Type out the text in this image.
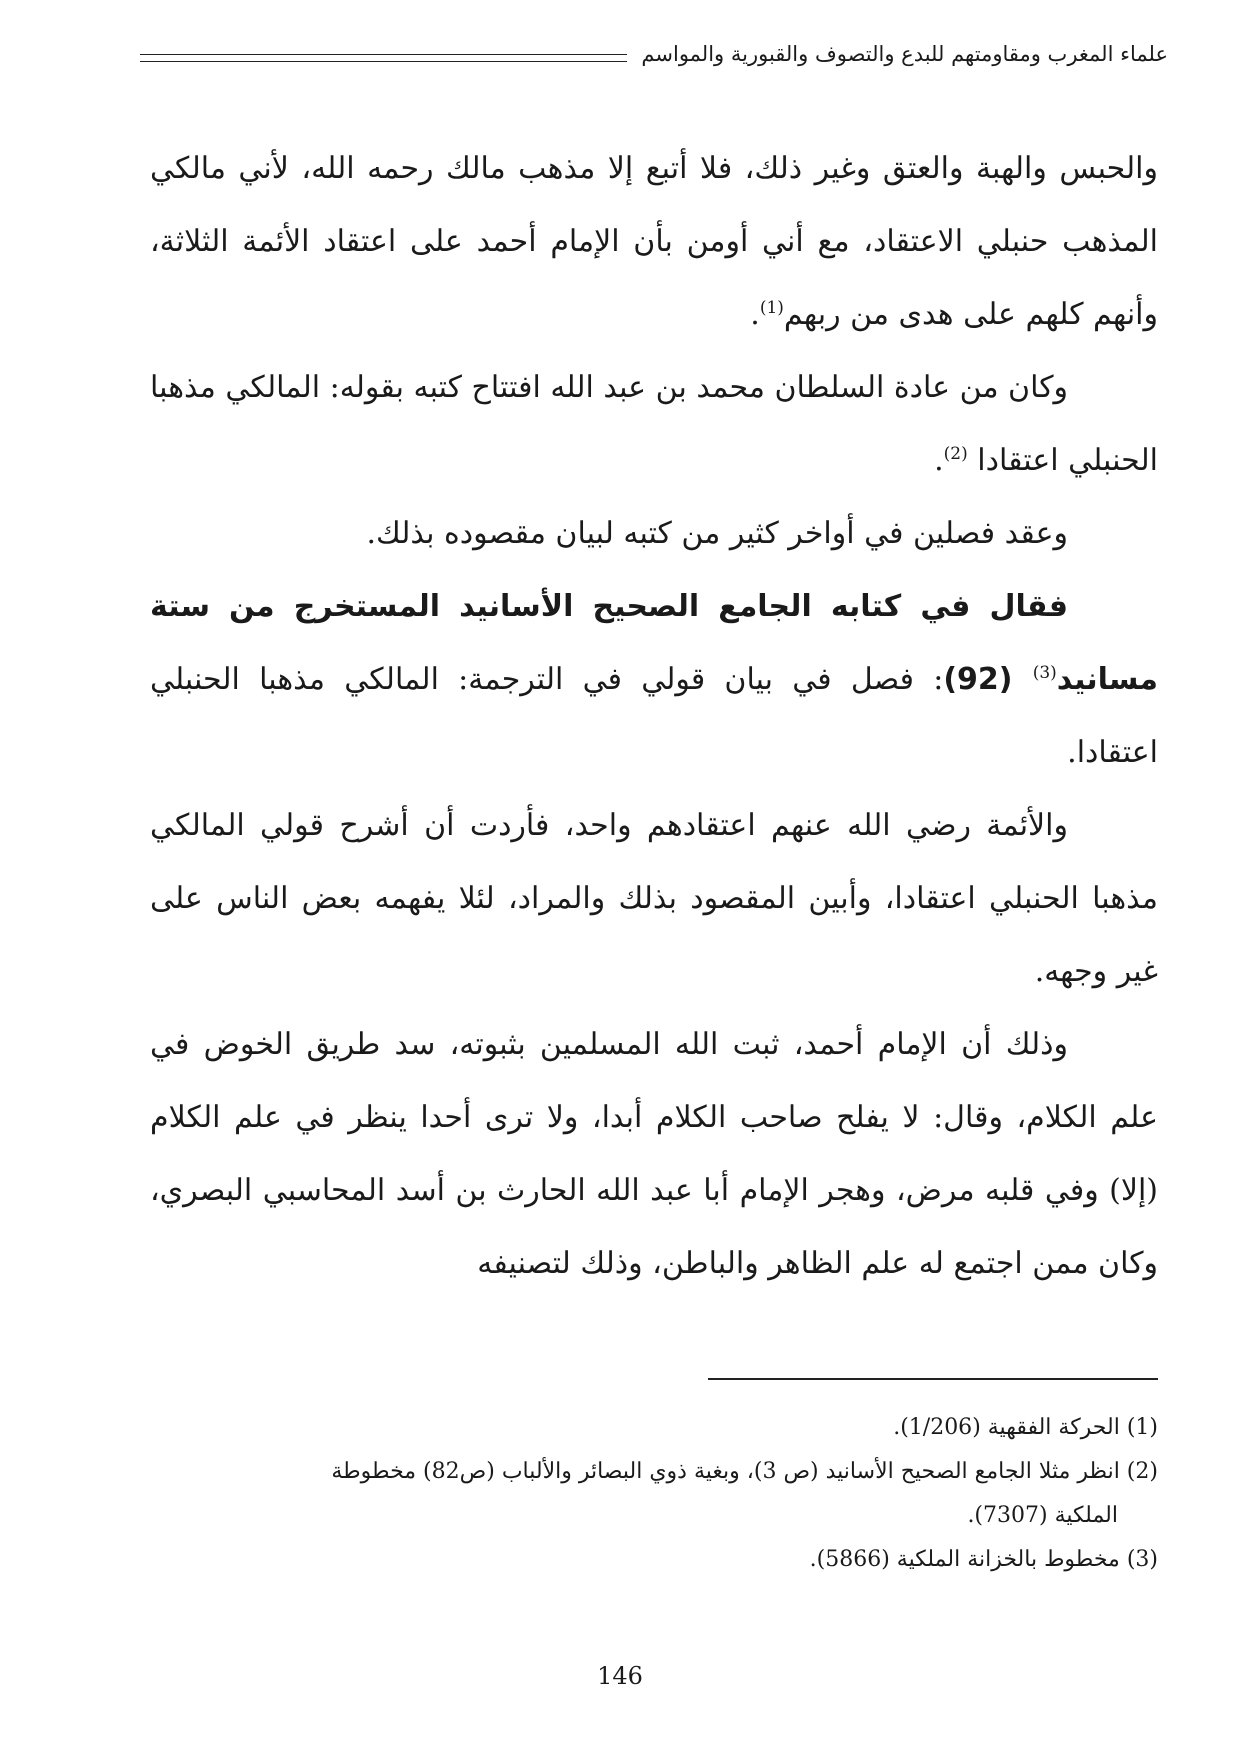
علماء المغرب ومقاومتهم للبدع والتصوف والقبورية والمواسم

والحبس والهبة والعتق وغير ذلك، فلا أتبع إلا مذهب مالك رحمه الله، لأني مالكي المذهب حنبلي الاعتقاد، مع أني أومن بأن الإمام أحمد على اعتقاد الأئمة الثلاثة، وأنهم كلهم على هدى من ربهم$^{(1)}$.

وكان من عادة السلطان محمد بن عبد الله افتتاح كتبه بقوله: المالكي مذهبا الحنبلي اعتقادا $^{(2)}$.

وعقد فصلين في أواخر كثير من كتبه لبيان مقصوده بذلك.

فقال في كتابه الجامع الصحيح الأسانيد المستخرج من ستة مسانيد$^{(3)}$ (92): فصل في بيان قولي في الترجمة: المالكي مذهبا الحنبلي اعتقادا.

والأئمة رضي الله عنهم اعتقادهم واحد، فأردت أن أشرح قولي المالكي مذهبا الحنبلي اعتقادا، وأبين المقصود بذلك والمراد، لئلا يفهمه بعض الناس على غير وجهه.

وذلك أن الإمام أحمد، ثبت الله المسلمين بثبوته، سد طريق الخوض في علم الكلام، وقال: لا يفلح صاحب الكلام أبدا، ولا ترى أحدا ينظر في علم الكلام (إلا) وفي قلبه مرض، وهجر الإمام أبا عبد الله الحارث بن أسد المحاسبي البصري، وكان ممن اجتمع له علم الظاهر والباطن، وذلك لتصنيفه

(1) الحركة الفقهية (1/206).

(2) انظر مثلا الجامع الصحيح الأسانيد (ص 3)، وبغية ذوي البصائر والألباب (ص82) مخطوطة
الملكية (7307).

(3) مخطوط بالخزانة الملكية (5866).

146
